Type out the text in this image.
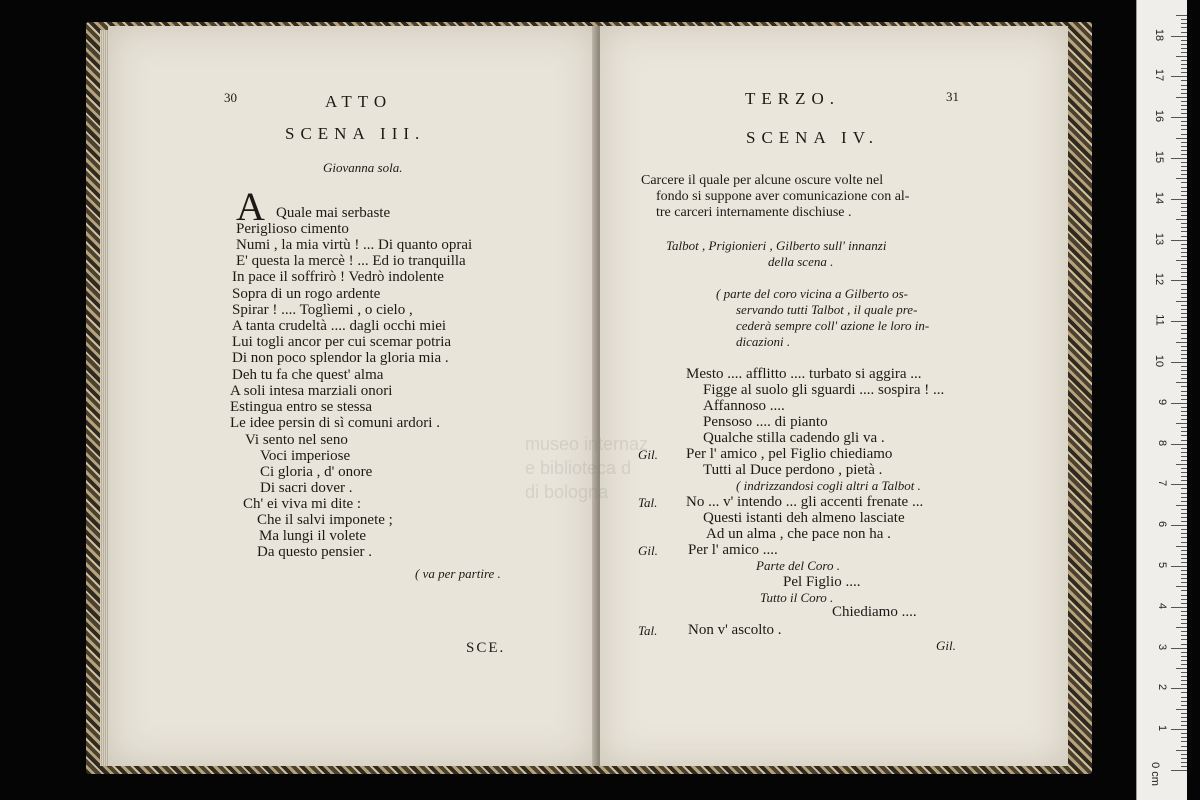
30	ATTO
SCENA III.
Giovanna sola.
A Quale mai serbaste
Periglioso cimento
Numi , la mia virtù ! ... Di quanto oprai
E' questa la mercè ! ... Ed io tranquilla
In pace il soffrirò ! Vedrò indolente
Sopra di un rogo ardente
Spirar ! .... Toglìemi , o cielo ,
A tanta crudeltà .... dagli occhi miei
Lui togli ancor per cui scemar potria
Di non poco splendor la gloria mia .
Deh tu fa che quest' alma
A soli intesa marziali onori
Estingua entro se stessa
Le idee persin di sì comuni ardori .
Vi sento nel seno
Voci imperiose
Ci gloria , d' onore
Di sacri dover .
Ch' ei viva mi dite :
Che il salvi imponete ;
Ma lungi il volete
Da questo pensier .
( va per partire .
SCE.
TERZO.	31
SCENA IV.
Carcere il quale per alcune oscure volte nel
fondo si suppone aver comunicazione con al-
tre carceri internamente dischiuse .
Talbot , Prigionieri , Gilberto sull' innanzi
della scena .
( parte del coro vicina a Gilberto os-
servando tutti Talbot , il quale pre-
cederà sempre coll' azione le loro in-
dicazioni .
Mesto .... afflitto .... turbato si aggira ...
Figge al suolo gli sguardi .... sospira ! ...
Affannoso ....
Pensoso .... di pianto
Qualche stilla cadendo gli va .
Gil. Per l' amico , pel Figlio chiediamo
Tutti al Duce perdono , pietà .
( indrizzandosi cogli altri a Talbot .
Tal. No ... v' intendo ... gli accenti frenate ...
Questi istanti deh almeno lasciate
Ad un alma , che pace non ha .
Gil. Per l' amico ....
Parte del Coro .
Pel Figlio ....
Tutto il Coro .
Chiediamo ....
Tal. Non v' ascolto .
Gil.
museo internaz
e biblioteca d
di bologna
0 cm
1
2
3
4
5
6
7
8
9
10
11
12
13
14
15
16
17
18
